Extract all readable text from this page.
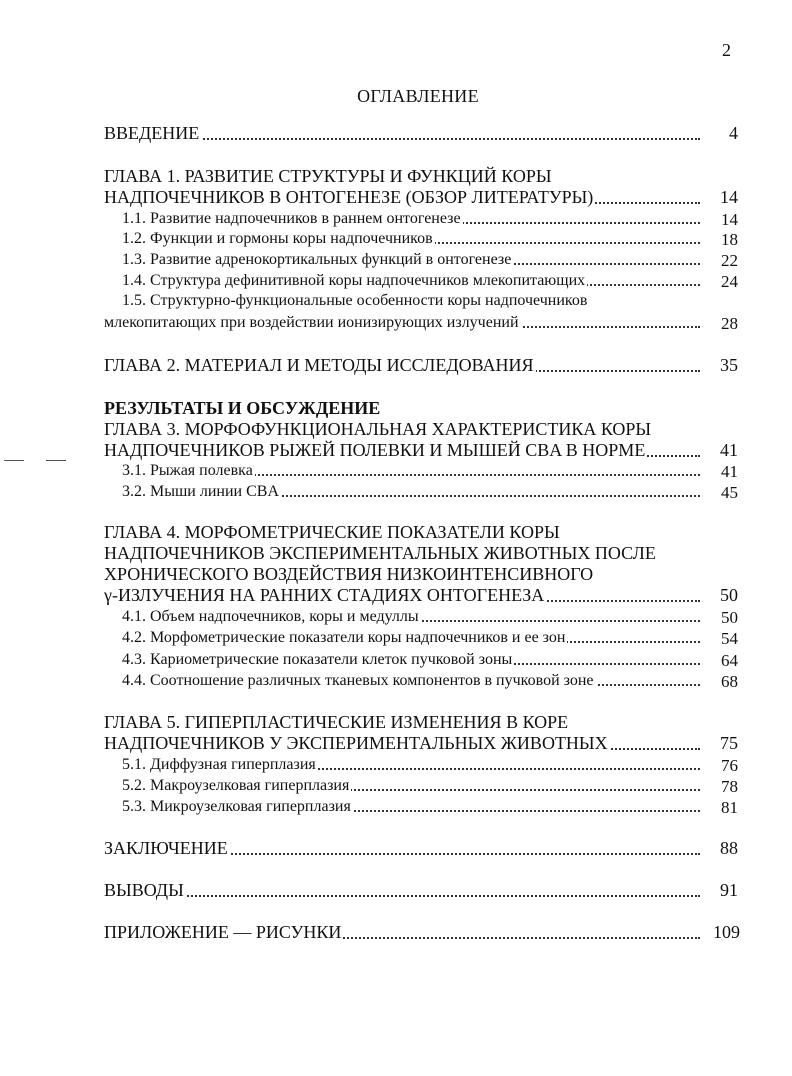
2
ОГЛАВЛЕНИЕ
ВВЕДЕНИЕ	4
ГЛАВА 1. РАЗВИТИЕ СТРУКТУРЫ И ФУНКЦИЙ КОРЫ
НАДПОЧЕЧНИКОВ В ОНТОГЕНЕЗЕ (ОБЗОР ЛИТЕРАТУРЫ)	14
1.1. Развитие надпочечников в раннем онтогенезе	14
1.2. Функции и гормоны коры надпочечников	18
1.3. Развитие адренокортикальных функций в онтогенезе	22
1.4. Структура дефинитивной коры надпочечников млекопитающих	24
1.5. Структурно-функциональные особенности коры надпочечников
млекопитающих при воздействии ионизирующих излучений	28
ГЛАВА 2. МАТЕРИАЛ И МЕТОДЫ ИССЛЕДОВАНИЯ	35
РЕЗУЛЬТАТЫ И ОБСУЖДЕНИЕ
ГЛАВА 3. МОРФОФУНКЦИОНАЛЬНАЯ ХАРАКТЕРИСТИКА КОРЫ
НАДПОЧЕЧНИКОВ РЫЖЕЙ ПОЛЕВКИ И МЫШЕЙ CBA В НОРМЕ	41
3.1. Рыжая полевка	41
3.2. Мыши линии CBA	45
ГЛАВА 4. МОРФОМЕТРИЧЕСКИЕ ПОКАЗАТЕЛИ КОРЫ
НАДПОЧЕЧНИКОВ ЭКСПЕРИМЕНТАЛЬНЫХ ЖИВОТНЫХ ПОСЛЕ
ХРОНИЧЕСКОГО ВОЗДЕЙСТВИЯ НИЗКОИНТЕНСИВНОГО
γ-ИЗЛУЧЕНИЯ НА РАННИХ СТАДИЯХ ОНТОГЕНЕЗА	50
4.1. Объем надпочечников, коры и медуллы	50
4.2. Морфометрические показатели коры надпочечников и ее зон	54
4.3. Кариометрические показатели клеток пучковой зоны	64
4.4. Соотношение различных тканевых компонентов в пучковой зоне	68
ГЛАВА 5. ГИПЕРПЛАСТИЧЕСКИЕ ИЗМЕНЕНИЯ В КОРЕ
НАДПОЧЕЧНИКОВ У ЭКСПЕРИМЕНТАЛЬНЫХ ЖИВОТНЫХ	75
5.1. Диффузная гиперплазия	76
5.2. Макроузелковая гиперплазия	78
5.3. Микроузелковая гиперплазия	81
ЗАКЛЮЧЕНИЕ	88
ВЫВОДЫ	91
ПРИЛОЖЕНИЕ — РИСУНКИ	109
